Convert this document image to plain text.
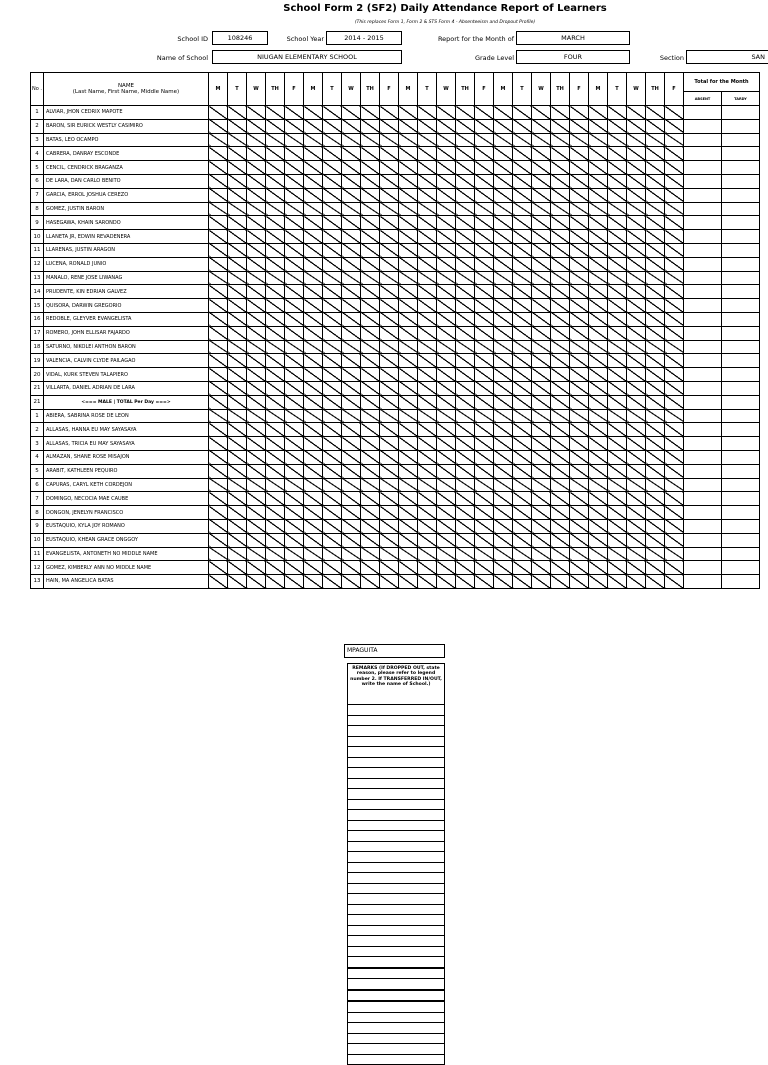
School Form 2 (SF2) Daily Attendance Report of Learners
(This replaces Form 1, Form 2 & STS Form 4 - Absenteeism and Dropout Profile)
School ID	108246	School Year	2014 - 2015	Report for the Month of	MARCH
Name of School	NIUGAN ELEMENTARY SCHOOL	Grade Level	FOUR	Section	SAN
No .	NAME
(Last Name, First Name, Middle Name)	M	T	W	TH	F	M	T	W	TH	F	M	T	W	TH	F	M	T	W	TH	F	M	T	W	TH	F	Total for the Month	
																											ABSENT	TARDY
1	ALVIAR, JHON CEDRIX MAPOTE																											
2	BARON, SIR EURICK WESTLY CASIMIRO																											
3	BATAS, LEO OCAMPO																											
4	CABRERA, DANRAY ESCONDE																											
5	CENCIL, CENDRICK BRAGANZA																											
6	DE LARA, DAN CARLO BENITO																											
7	GARCIA, ERROL JOSHUA CEREZO																											
8	GOMEZ, JUSTIN BARON																											
9	HASEGAWA, KHAIN SARONDO																											
10	LLANETA JR, EDWIN REVADENERA																											
11	LLARENAS, JUSTIN ARAGON																											
12	LUCENA, RONALD JUNIO																											
13	MANALO, RENE JOSE LIWANAG																											
14	PRUDENTE, KIN EDRIAN GALVEZ																											
15	QUISORA, DARWIN GREGORIO																											
16	REDOBLE, GLEYVER EVANGELISTA																											
17	ROMERO, JOHN ELLISAR FAJARDO																											
18	SATURNO, NIKOLEI ANTHON BARON																											
19	VALENCIA, CALVIN CLYDE PAILAGAO																											
20	VIDAL, KURK STEVEN TALAPIERO																											
21	VILLARTA, DANIEL ADRIAN DE LARA																											
21	<=== MALE | TOTAL Per Day ===>																											
1	ABIERA, SABRINA ROSE DE LEON																											
2	ALLASAS, HANNA EU MAY SAYASAYA																											
3	ALLASAS, TRICIA EU MAY SAYASAYA																											
4	ALMAZAN, SHANE ROSE MISAJON																											
5	ARABIT, KATHLEEN PEQUIRO																											
6	CAPURAS, CARYL KETH CORDEJON																											
7	DOMINGO, NECOCIA MAE CAUBE																											
8	DONGON, JENELYN FRANCISCO																											
9	EUSTAQUIO, KYLA JOY ROMANO																											
10	EUSTAQUIO, KHEAN GRACE ONGGOY																											
11	EVANGELISTA, ANTONETH NO MIDDLE NAME																											
12	GOMEZ, KIMBERLY ANN NO MIDDLE NAME																											
13	HAIN, MA ANGELICA BATAS																											
MPAGUITA
REMARKS (If DROPPED OUT, state reason, please refer to legend number 2. If TRANSFERRED IN/OUT, write the name of School.)
